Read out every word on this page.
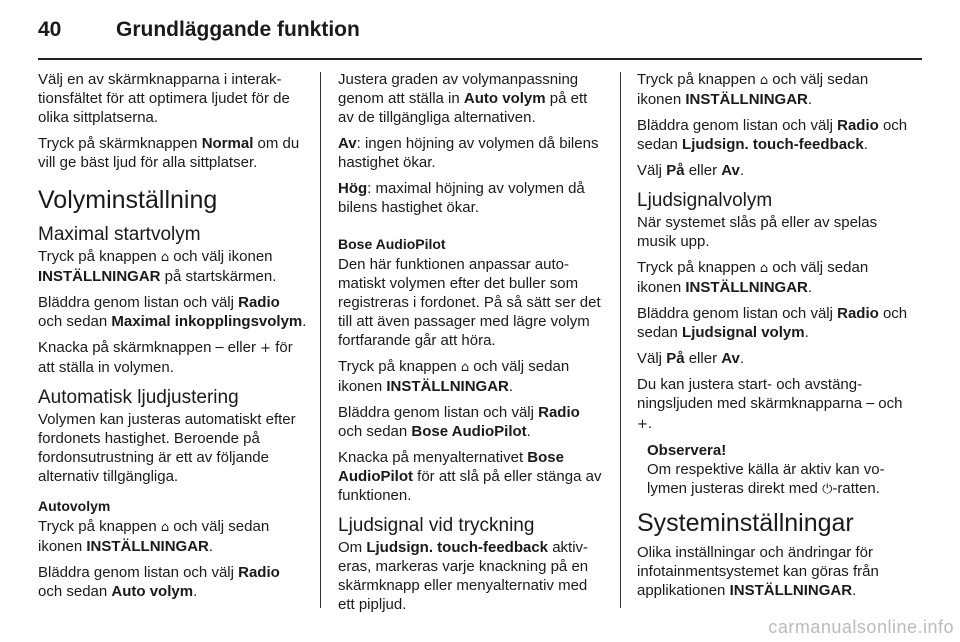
40	Grundläggande funktion

Välj en av skärmknapparna i interaktionsfältet för att optimera ljudet för de olika sittplatserna.

Tryck på skärmknappen Normal om du vill ge bäst ljud för alla sittplatser.

Volyminställning
Maximal startvolym

Tryck på knappen ⌂ och välj ikonen INSTÄLLNINGAR på startskärmen.

Bläddra genom listan och välj Radio och sedan Maximal inkopplingsvolym.

Knacka på skärmknappen ─ eller + för att ställa in volymen.

Automatisk ljudjustering

Volymen kan justeras automatiskt efter fordonets hastighet. Beroende på fordonsutrustning är ett av följande alternativ tillgängliga.

Autovolym

Tryck på knappen ⌂ och välj sedan ikonen INSTÄLLNINGAR.

Bläddra genom listan och välj Radio och sedan Auto volym.

Justera graden av volymanpassning genom att ställa in Auto volym på ett av de tillgängliga alternativen.

Av: ingen höjning av volymen då bilens hastighet ökar.

Hög: maximal höjning av volymen då bilens hastighet ökar.

Bose AudioPilot

Den här funktionen anpassar automatiskt volymen efter det buller som registreras i fordonet. På så sätt ser det till att även passager med lägre volym fortfarande går att höra.

Tryck på knappen ⌂ och välj sedan ikonen INSTÄLLNINGAR.

Bläddra genom listan och välj Radio och sedan Bose AudioPilot.

Knacka på menyalternativet Bose AudioPilot för att slå på eller stänga av funktionen.

Ljudsignal vid tryckning

Om Ljudsign. touch-feedback aktiveras, markeras varje knackning på en skärmknapp eller menyalternativ med ett pipljud.

Tryck på knappen ⌂ och välj sedan ikonen INSTÄLLNINGAR.

Bläddra genom listan och välj Radio och sedan Ljudsign. touch-feedback.

Välj På eller Av.

Ljudsignalvolym

När systemet slås på eller av spelas musik upp.

Tryck på knappen ⌂ och välj sedan ikonen INSTÄLLNINGAR.

Bläddra genom listan och välj Radio och sedan Ljudsignal volym.

Välj På eller Av.

Du kan justera start- och avstängningsljuden med skärmknapparna ─ och +.

Observera!
Om respektive källa är aktiv kan volymen justeras direkt med ⏻-ratten.
Systeminställningar

Olika inställningar och ändringar för infotainmentsystemet kan göras från applikationen INSTÄLLNINGAR.

carmanualsonline.info
